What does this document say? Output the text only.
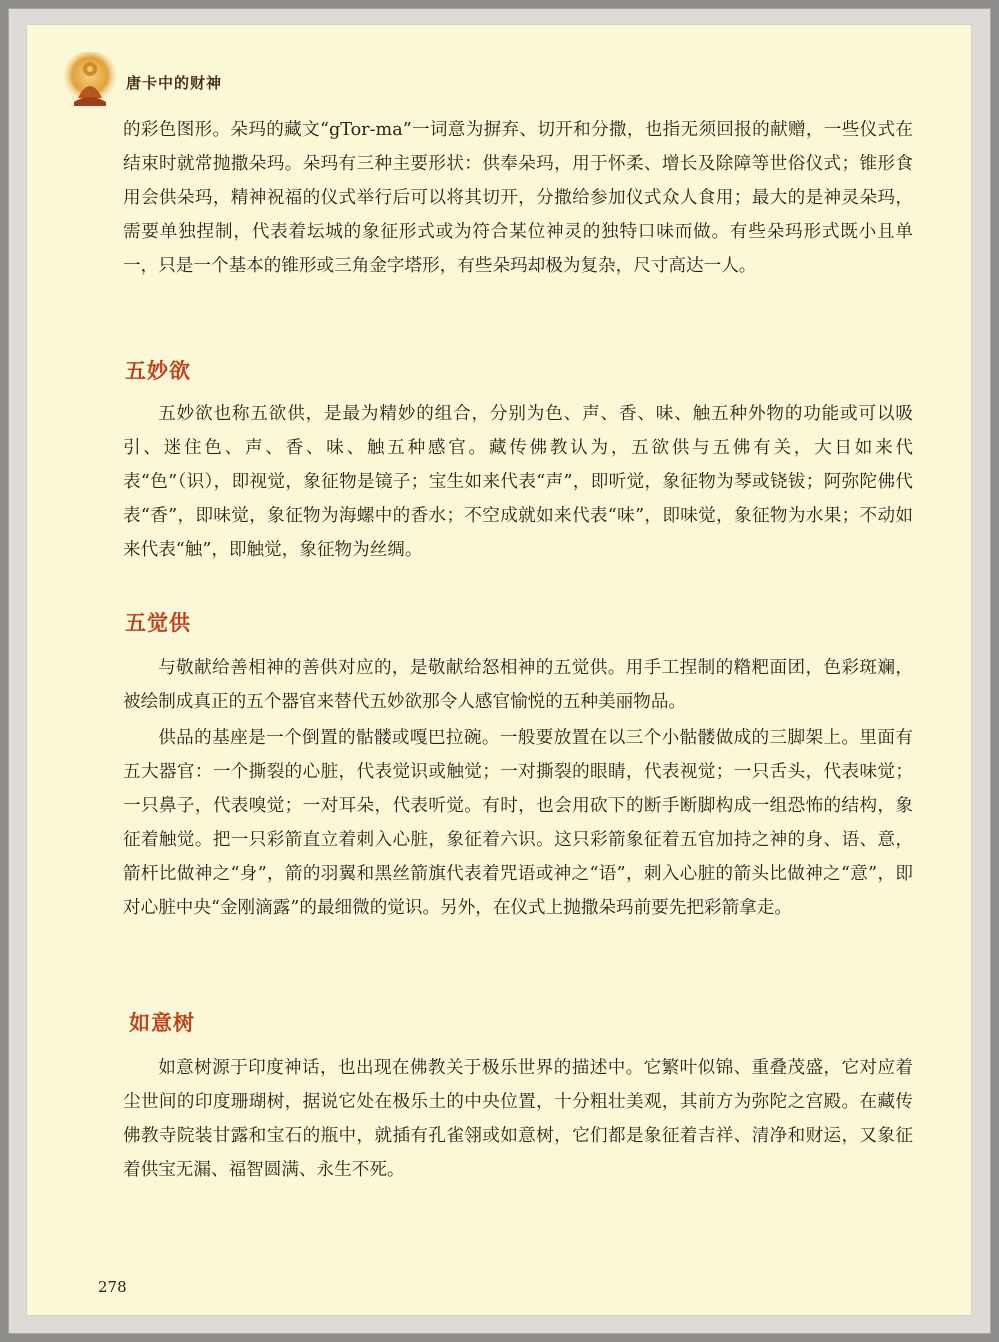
唐卡中的财神
的彩色图形。朵玛的藏文“gTor-ma”一词意为摒弃、切开和分撒，也指无须回报的献赠，一些仪式在结束时就常抛撒朵玛。朵玛有三种主要形状：供奉朵玛，用于怀柔、增长及除障等世俗仪式；锥形食用会供朵玛，精神祝福的仪式举行后可以将其切开，分撒给参加仪式众人食用；最大的是神灵朵玛，需要单独捏制，代表着坛城的象征形式或为符合某位神灵的独特口味而做。有些朵玛形式既小且单一，只是一个基本的锥形或三角金字塔形，有些朵玛却极为复杂，尺寸高达一人。
五妙欲
五妙欲也称五欲供，是最为精妙的组合，分别为色、声、香、味、触五种外物的功能或可以吸引、迷住色、声、香、味、触五种感官。藏传佛教认为，五欲供与五佛有关，大日如来代表“色”（识），即视觉，象征物是镜子；宝生如来代表“声”，即听觉，象征物为琴或铙钹；阿弥陀佛代表“香”，即味觉，象征物为海螺中的香水；不空成就如来代表“味”，即味觉，象征物为水果；不动如来代表“触”，即触觉，象征物为丝绸。
五觉供
与敬献给善相神的善供对应的，是敬献给怒相神的五觉供。用手工捏制的糌粑面团，色彩斑斓，被绘制成真正的五个器官来替代五妙欲那令人感官愉悦的五种美丽物品。
供品的基座是一个倒置的骷髅或嘎巴拉碗。一般要放置在以三个小骷髅做成的三脚架上。里面有五大器官：一个撕裂的心脏，代表觉识或触觉；一对撕裂的眼睛，代表视觉；一只舌头，代表味觉；一只鼻子，代表嗅觉；一对耳朵，代表听觉。有时，也会用砍下的断手断脚构成一组恐怖的结构，象征着触觉。把一只彩箭直立着刺入心脏，象征着六识。这只彩箭象征着五官加持之神的身、语、意，箭杆比做神之“身”，箭的羽翼和黑丝箭旗代表着咒语或神之“语”，刺入心脏的箭头比做神之“意”，即对心脏中央“金刚滴露”的最细微的觉识。另外，在仪式上抛撒朵玛前要先把彩箭拿走。
如意树
如意树源于印度神话，也出现在佛教关于极乐世界的描述中。它繁叶似锦、重叠茂盛，它对应着尘世间的印度珊瑚树，据说它处在极乐土的中央位置，十分粗壮美观，其前方为弥陀之宫殿。在藏传佛教寺院装甘露和宝石的瓶中，就插有孔雀翎或如意树，它们都是象征着吉祥、清净和财运，又象征着供宝无漏、福智圆满、永生不死。
278
